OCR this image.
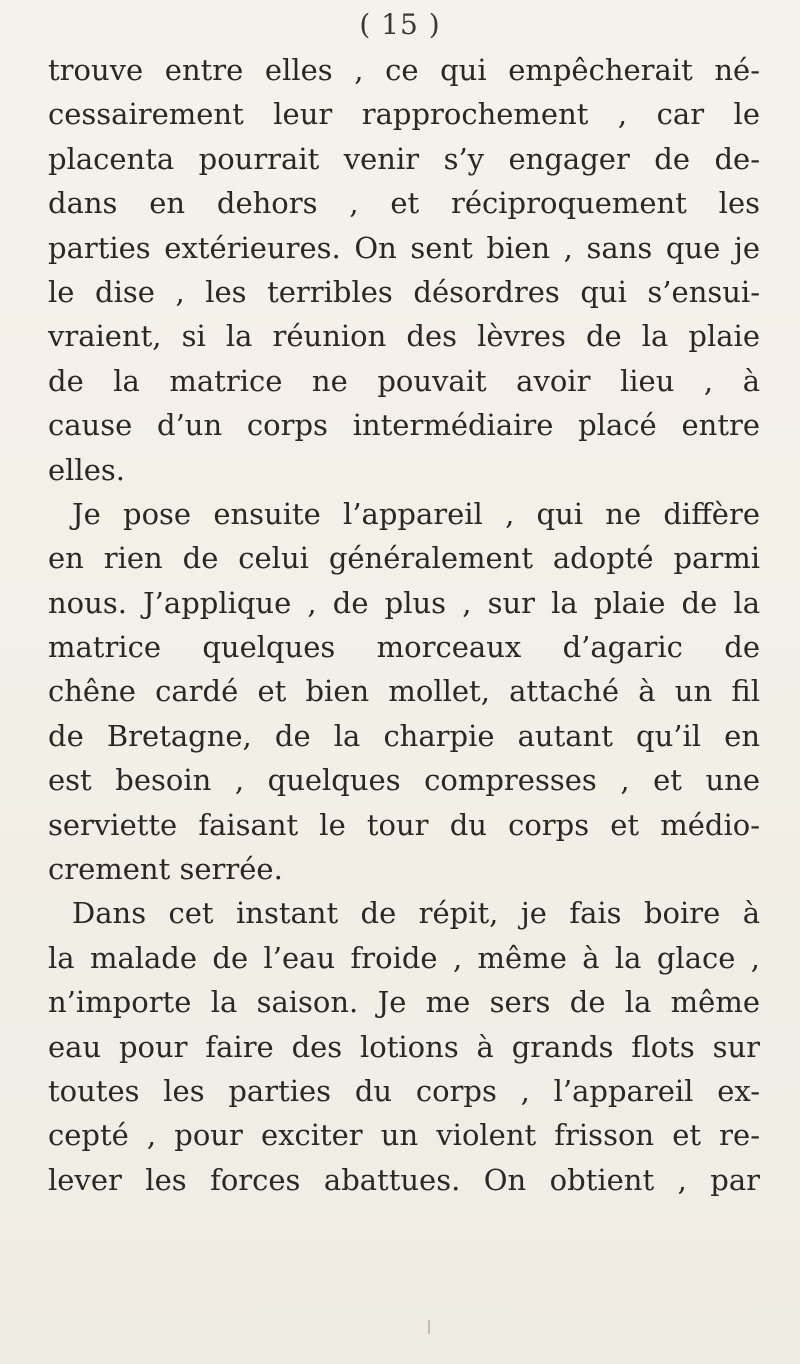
( 15 )
trouve entre elles , ce qui empêcherait né-
cessairement leur rapprochement , car le
placenta pourrait venir s’y engager de de-
dans en dehors , et réciproquement les
parties extérieures. On sent bien , sans que je
le dise , les terribles désordres qui s’ensui-
vraient, si la réunion des lèvres de la plaie
de la matrice ne pouvait avoir lieu , à
cause d’un corps intermédiaire placé entre
elles.
Je pose ensuite l’appareil , qui ne diffère
en rien de celui généralement adopté parmi
nous. J’applique , de plus , sur la plaie de la
matrice quelques morceaux d’agaric de
chêne cardé et bien mollet, attaché à un fil
de Bretagne, de la charpie autant qu’il en
est besoin , quelques compresses , et une
serviette faisant le tour du corps et médio-
crement serrée.
Dans cet instant de répit, je fais boire à
la malade de l’eau froide , même à la glace ,
n’importe la saison. Je me sers de la même
eau pour faire des lotions à grands flots sur
toutes les parties du corps , l’appareil ex-
cepté , pour exciter un violent frisson et re-
lever les forces abattues. On obtient , par
